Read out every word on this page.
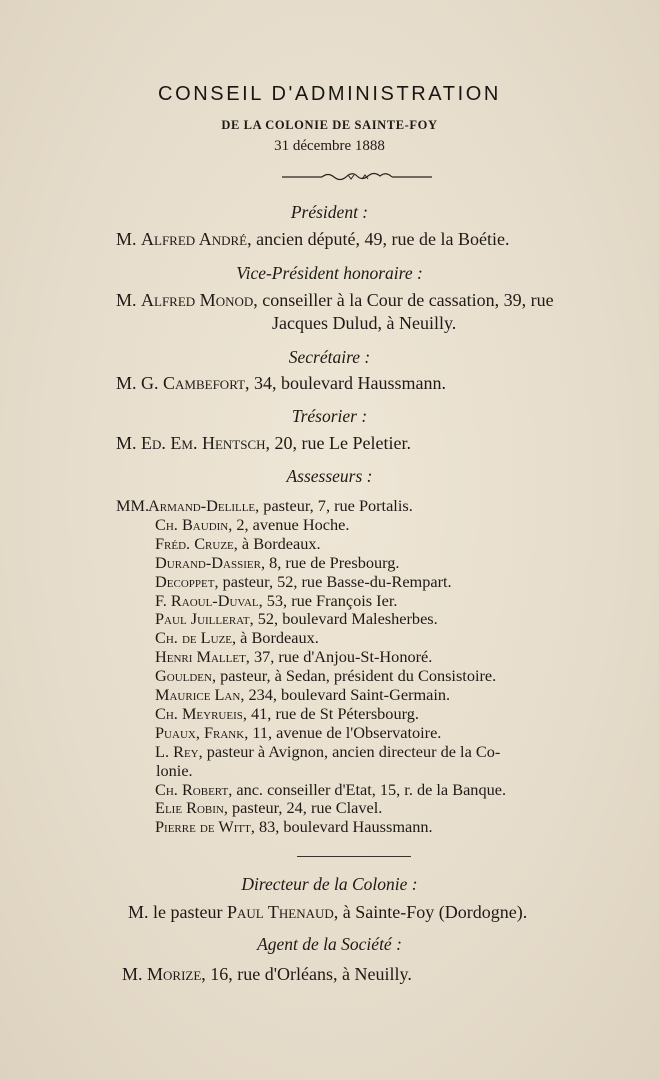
CONSEIL D'ADMINISTRATION
DE LA COLONIE DE SAINTE-FOY
31 décembre 1888
Président :
M. Alfred André, ancien député, 49, rue de la Boétie.
Vice-Président honoraire :
M. Alfred Monod, conseiller à la Cour de cassation, 39, rue
Jacques Dulud, à Neuilly.
Secrétaire :
M. G. Cambefort, 34, boulevard Haussmann.
Trésorier :
M. Ed. Em. Hentsch, 20, rue Le Peletier.
Assesseurs :
MM.
Armand-Delille, pasteur, 7, rue Portalis.
Ch. Baudin, 2, avenue Hoche.
Fréd. Cruze, à Bordeaux.
Durand-Dassier, 8, rue de Presbourg.
Decoppet, pasteur, 52, rue Basse-du-Rempart.
F. Raoul-Duval, 53, rue François Ier.
Paul Juillerat, 52, boulevard Malesherbes.
Ch. de Luze, à Bordeaux.
Henri Mallet, 37, rue d'Anjou-St-Honoré.
Goulden, pasteur, à Sedan, président du Consistoire.
Maurice Lan, 234, boulevard Saint-Germain.
Ch. Meyrueis, 41, rue de St Pétersbourg.
Puaux, Frank, 11, avenue de l'Observatoire.
L. Rey, pasteur à Avignon, ancien directeur de la Co-
lonie.
Ch. Robert, anc. conseiller d'Etat, 15, r. de la Banque.
Elie Robin, pasteur, 24, rue Clavel.
Pierre de Witt, 83, boulevard Haussmann.
Directeur de la Colonie :
M. le pasteur Paul Thenaud, à Sainte-Foy (Dordogne).
Agent de la Société :
M. Morize, 16, rue d'Orléans, à Neuilly.
